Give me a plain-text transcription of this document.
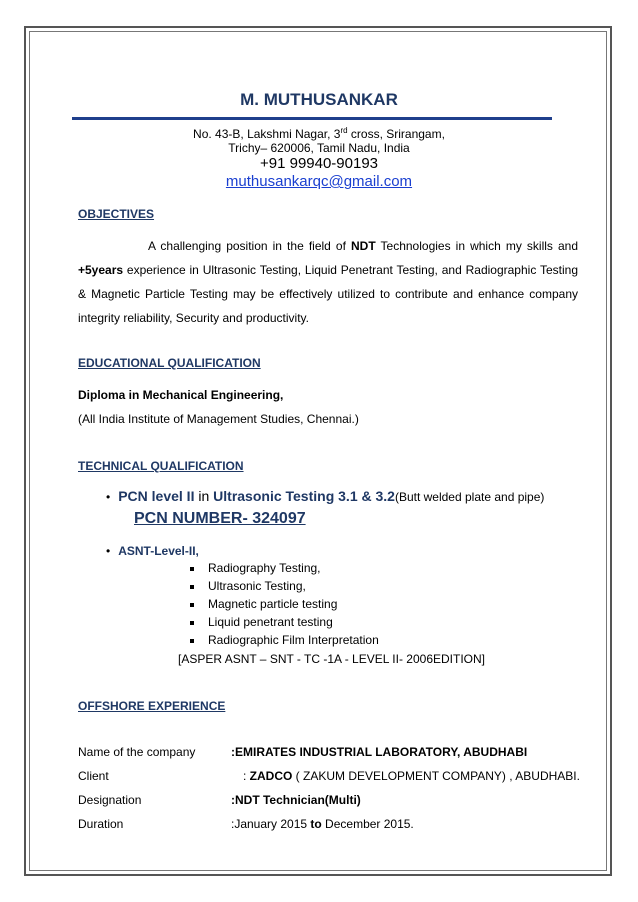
M. MUTHUSANKAR
No. 43-B, Lakshmi Nagar, 3rd cross, Srirangam,
Trichy– 620006, Tamil Nadu, India
+91 99940-90193
muthusankarqc@gmail.com
OBJECTIVES
A challenging position in the field of NDT Technologies in which my skills and +5years experience in Ultrasonic Testing, Liquid Penetrant Testing, and Radiographic Testing & Magnetic Particle Testing may be effectively utilized to contribute and enhance company integrity reliability, Security and productivity.
EDUCATIONAL QUALIFICATION
Diploma in Mechanical Engineering,
(All India Institute of Management Studies, Chennai.)
TECHNICAL QUALIFICATION
• PCN level II in Ultrasonic Testing 3.1 & 3.2(Butt welded plate and pipe)
PCN NUMBER- 324097
• ASNT-Level-II,
Radiography Testing,
Ultrasonic Testing,
Magnetic particle testing
Liquid penetrant testing
Radiographic Film Interpretation
[ASPER ASNT – SNT - TC -1A - LEVEL II- 2006EDITION]
OFFSHORE EXPERIENCE
Name of the company	:EMIRATES INDUSTRIAL LABORATORY, ABUDHABI
Client	: ZADCO ( ZAKUM DEVELOPMENT COMPANY) , ABUDHABI.
Designation	:NDT Technician(Multi)
Duration	:January 2015 to December 2015.
